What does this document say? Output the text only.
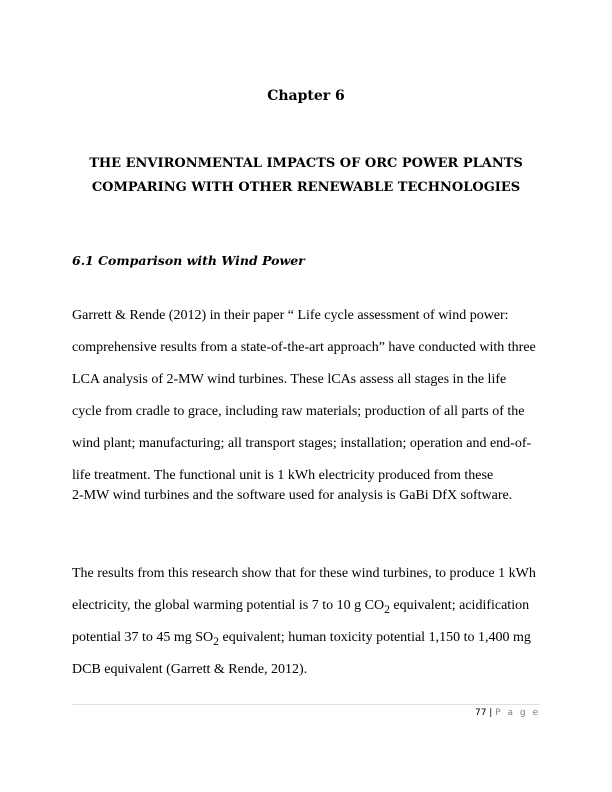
Chapter 6
THE ENVIRONMENTAL IMPACTS OF ORC POWER PLANTS
COMPARING WITH OTHER RENEWABLE TECHNOLOGIES
6.1 Comparison with Wind Power
Garrett & Rende (2012) in their paper “ Life cycle assessment of wind power:
comprehensive results from a state-of-the-art approach” have conducted with three
LCA analysis of 2-MW wind turbines. These lCAs assess all stages in the life
cycle from cradle to grace, including raw materials; production of all parts of the
wind plant; manufacturing; all transport stages; installation; operation and end-of-
life treatment. The functional unit is 1 kWh electricity produced from these
2-MW wind turbines and the software used for analysis is GaBi DfX software.
The results from this research show that for these wind turbines, to produce 1 kWh
electricity, the global warming potential is 7 to 10 g $CO_2$ equivalent; acidification
potential 37 to 45 mg $SO_2$ equivalent; human toxicity potential 1,150 to 1,400 mg
DCB equivalent (Garrett & Rende, 2012).
77 | P a g e
